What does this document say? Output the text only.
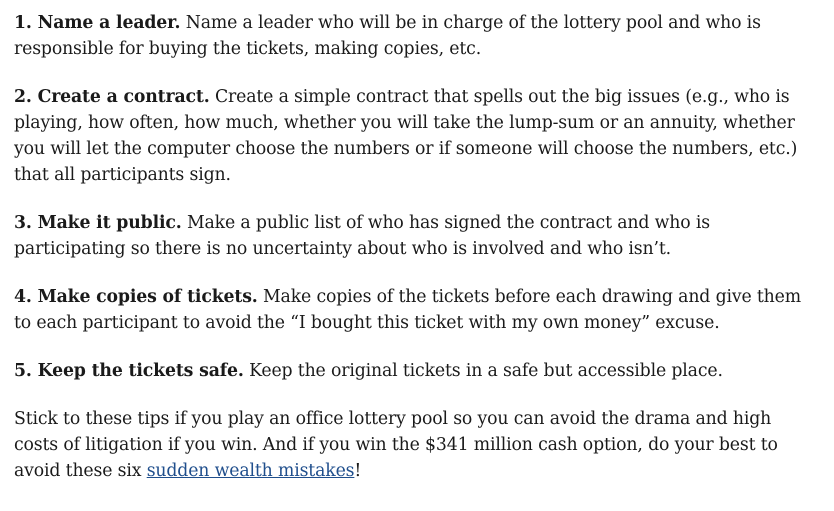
1. Name a leader. Name a leader who will be in charge of the lottery pool and who is responsible for buying the tickets, making copies, etc.

2. Create a contract. Create a simple contract that spells out the big issues (e.g., who is playing, how often, how much, whether you will take the lump-sum or an annuity, whether you will let the computer choose the numbers or if someone will choose the numbers, etc.) that all participants sign.

3. Make it public. Make a public list of who has signed the contract and who is participating so there is no uncertainty about who is involved and who isn’t.

4. Make copies of tickets. Make copies of the tickets before each drawing and give them to each participant to avoid the “I bought this ticket with my own money” excuse.

5. Keep the tickets safe. Keep the original tickets in a safe but accessible place.

Stick to these tips if you play an office lottery pool so you can avoid the drama and high costs of litigation if you win. And if you win the $341 million cash option, do your best to avoid these six sudden wealth mistakes!
